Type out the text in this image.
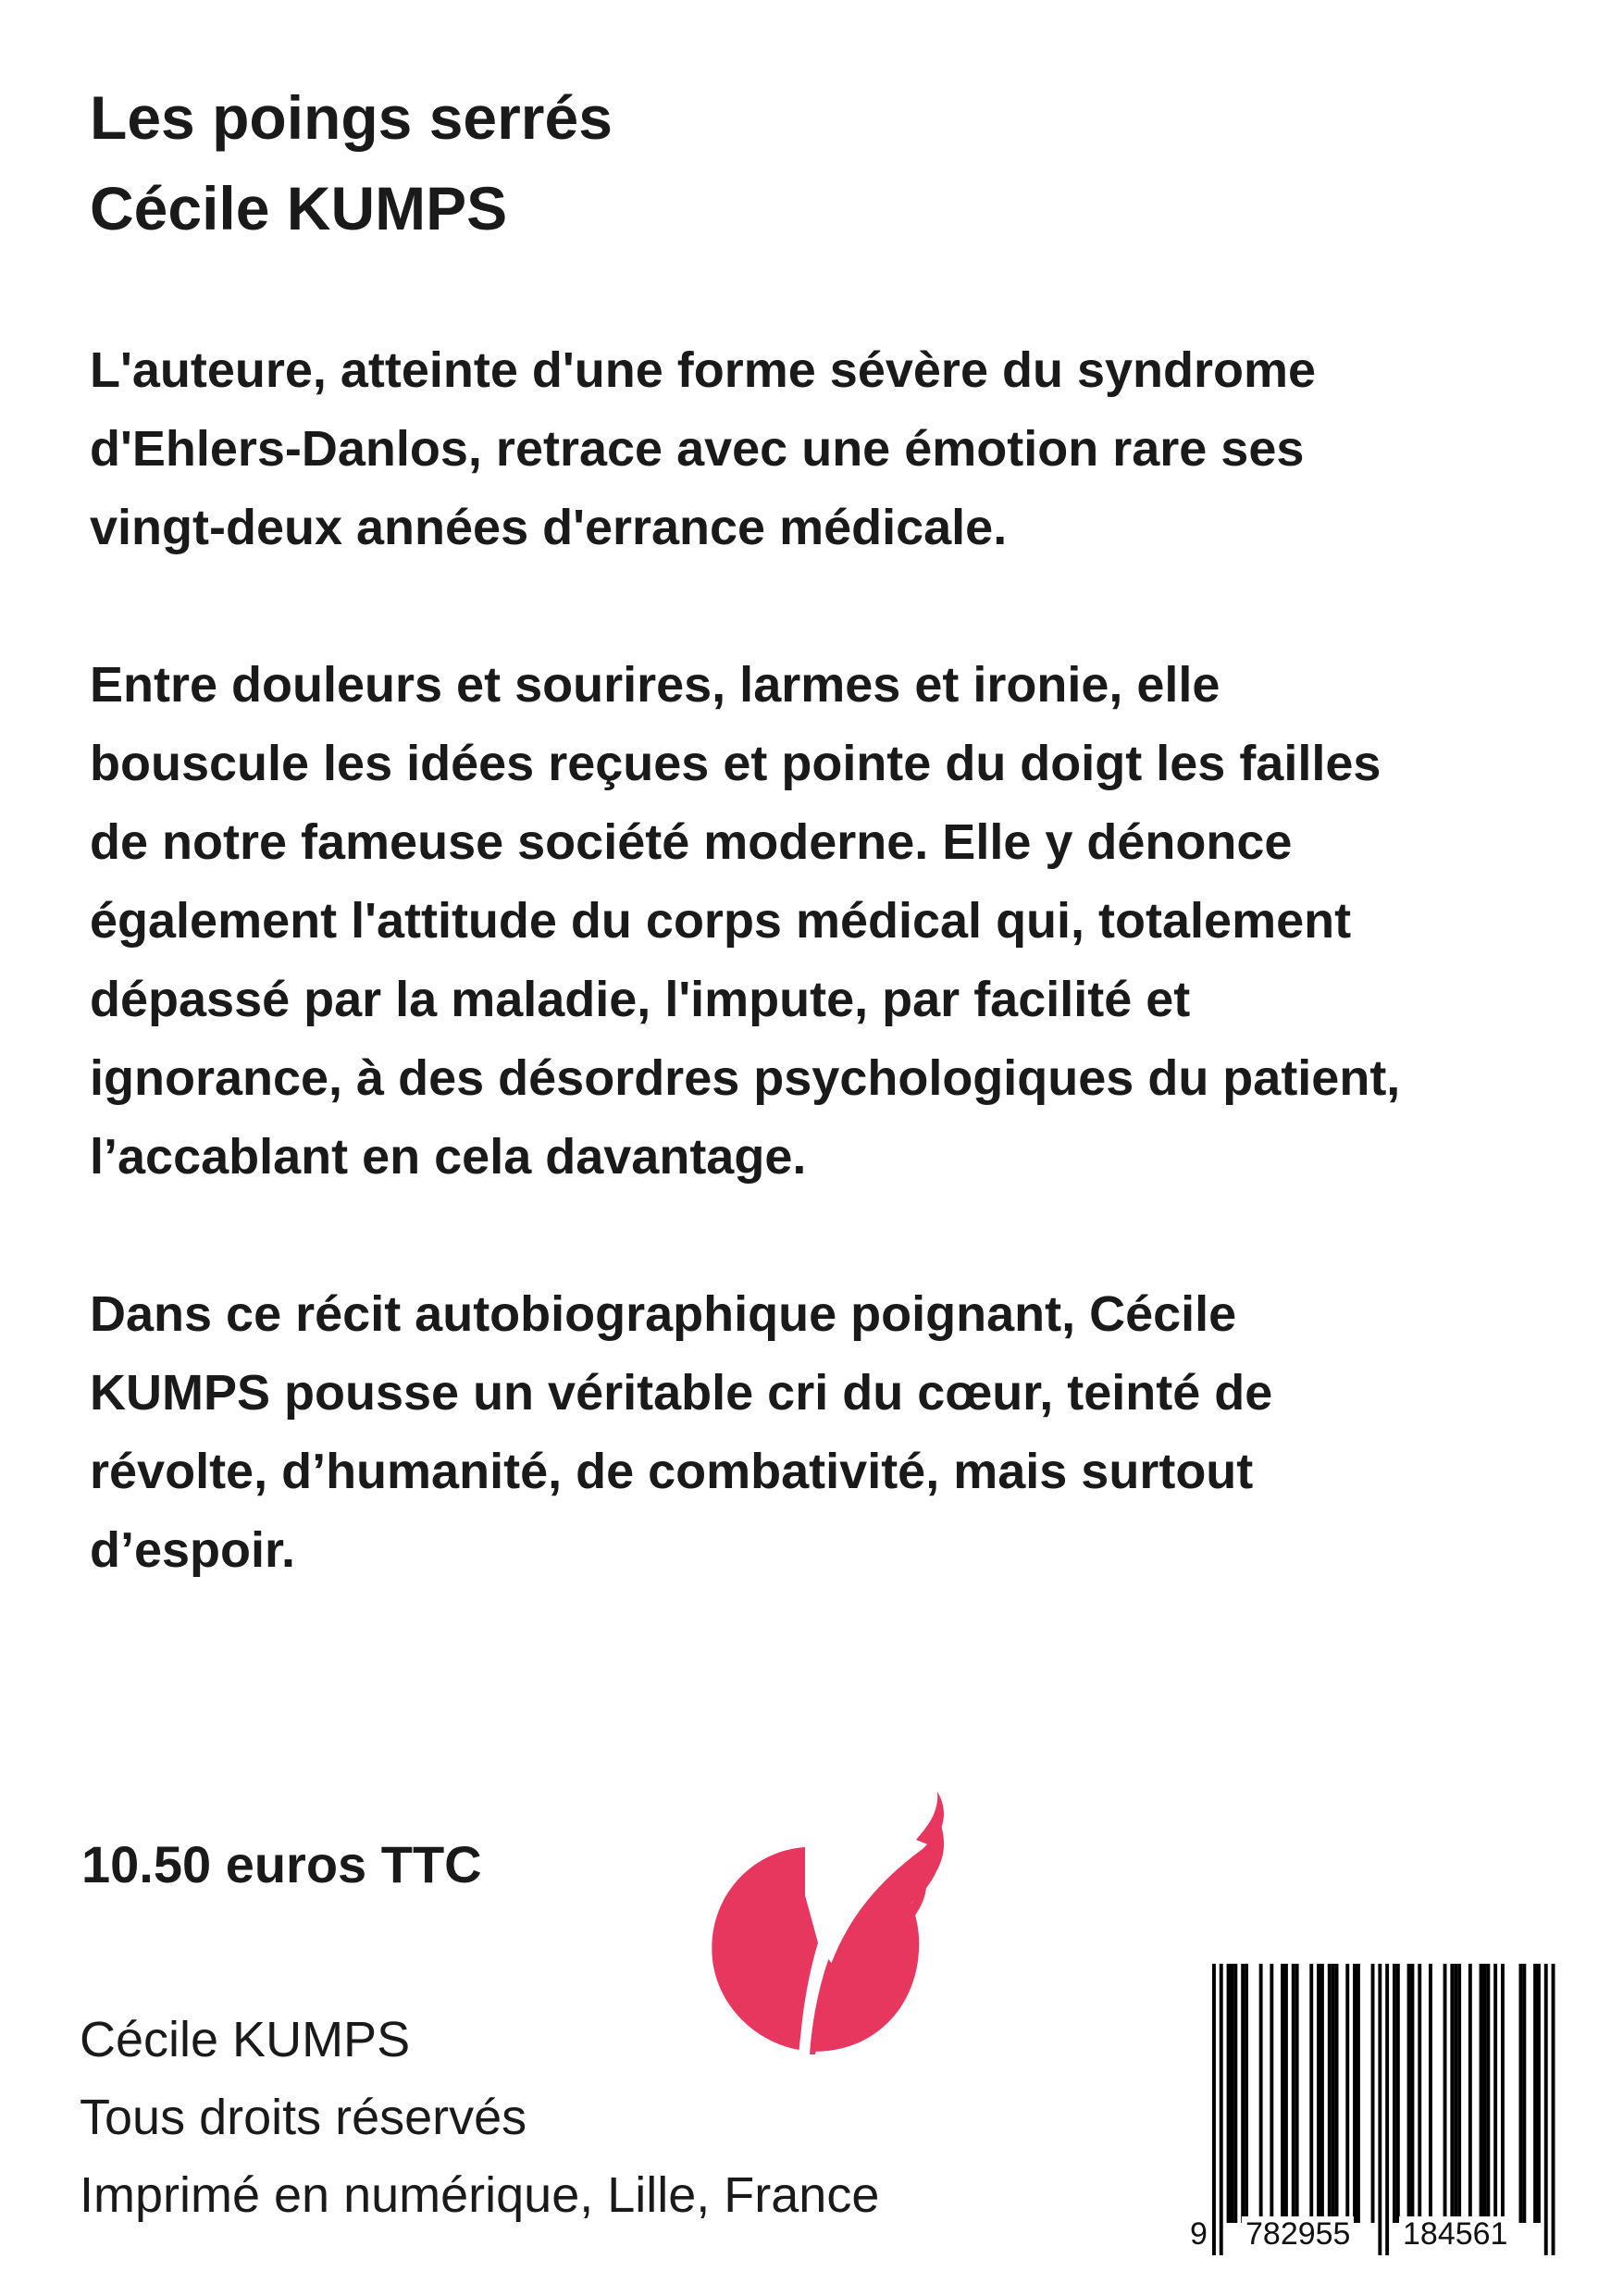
Les poings serrés
Cécile KUMPS

L'auteure, atteinte d'une forme sévère du syndrome
d'Ehlers-Danlos, retrace avec une émotion rare ses
vingt-deux années d'errance médicale.

Entre douleurs et sourires, larmes et ironie, elle
bouscule les idées reçues et pointe du doigt les failles
de notre fameuse société moderne. Elle y dénonce
également l'attitude du corps médical qui, totalement
dépassé par la maladie, l'impute, par facilité et
ignorance, à des désordres psychologiques du patient,
l’accablant en cela davantage.

Dans ce récit autobiographique poignant, Cécile
KUMPS pousse un véritable cri du cœur, teinté de
révolte, d’humanité, de combativité, mais surtout
d’espoir.

10.50 euros TTC
Cécile KUMPS
Tous droits réservés
Imprimé en numérique, Lille, France
9 782955 184561
